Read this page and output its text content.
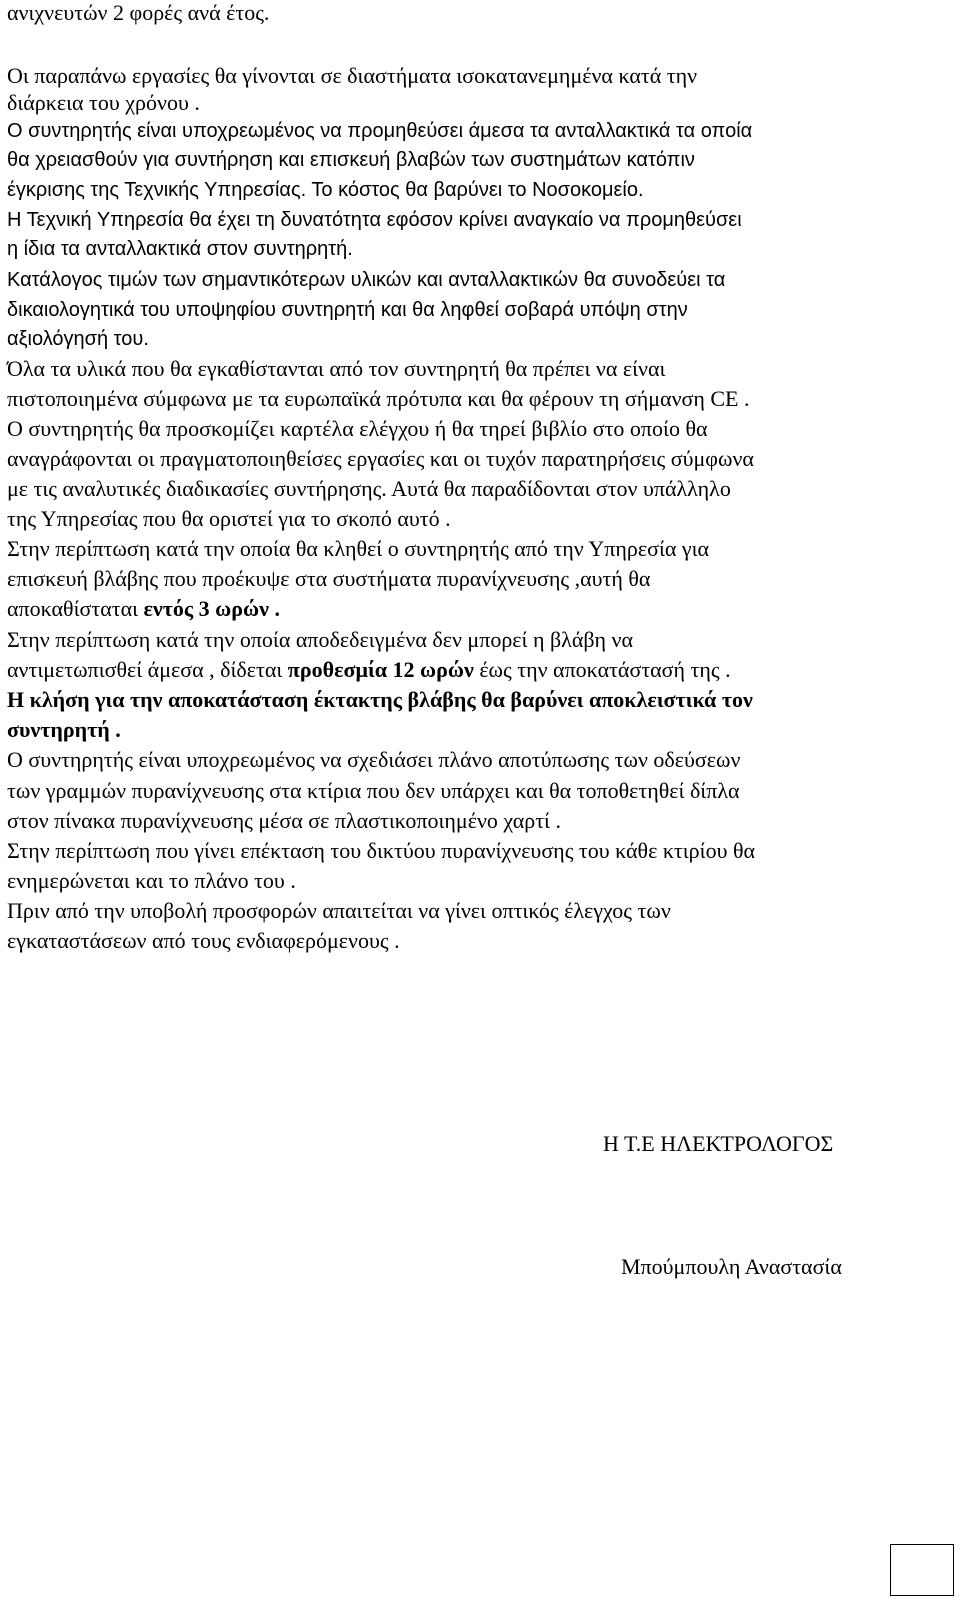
ανιχνευτών 2 φορές ανά έτος.
Οι παραπάνω εργασίες θα γίνονται σε διαστήματα ισοκατανεμημένα κατά την
διάρκεια του χρόνου .
Ο συντηρητής είναι υποχρεωμένος να προμηθεύσει άμεσα τα ανταλλακτικά τα οποία
θα χρειασθούν για συντήρηση και επισκευή βλαβών των συστημάτων κατόπιν
έγκρισης της Τεχνικής Υπηρεσίας. Το κόστος θα βαρύνει το Νοσοκομείο.
Η Τεχνική Υπηρεσία θα έχει τη δυνατότητα εφόσον κρίνει αναγκαίο να προμηθεύσει
η ίδια τα ανταλλακτικά στον συντηρητή.
Κατάλογος τιμών των σημαντικότερων υλικών και ανταλλακτικών θα συνοδεύει τα
δικαιολογητικά του υποψηφίου συντηρητή και θα ληφθεί σοβαρά υπόψη στην
αξιολόγησή του.
Όλα τα υλικά που θα εγκαθίστανται από τον συντηρητή θα πρέπει να είναι
πιστοποιημένα σύμφωνα με τα ευρωπαϊκά πρότυπα και θα φέρουν τη σήμανση CE .
Ο συντηρητής θα προσκομίζει καρτέλα ελέγχου ή θα τηρεί βιβλίο στο οποίο θα
αναγράφονται οι πραγματοποιηθείσες εργασίες και οι τυχόν παρατηρήσεις σύμφωνα
με τις αναλυτικές διαδικασίες συντήρησης. Αυτά θα παραδίδονται στον υπάλληλο
της Υπηρεσίας που θα οριστεί για το σκοπό αυτό .
Στην περίπτωση κατά την οποία θα κληθεί ο συντηρητής από την Υπηρεσία για
επισκευή βλάβης που προέκυψε στα συστήματα πυρανίχνευσης ,αυτή θα
αποκαθίσταται εντός 3 ωρών .
Στην περίπτωση κατά την οποία αποδεδειγμένα δεν μπορεί η βλάβη να
αντιμετωπισθεί άμεσα , δίδεται προθεσμία 12 ωρών έως την αποκατάστασή της .
Η κλήση για την αποκατάσταση έκτακτης βλάβης θα βαρύνει αποκλειστικά τον
συντηρητή .
Ο συντηρητής είναι υποχρεωμένος να σχεδιάσει πλάνο αποτύπωσης των οδεύσεων
των γραμμών πυρανίχνευσης στα κτίρια που δεν υπάρχει και θα τοποθετηθεί δίπλα
στον πίνακα πυρανίχνευσης μέσα σε πλαστικοποιημένο χαρτί .
Στην περίπτωση που γίνει επέκταση του δικτύου πυρανίχνευσης του κάθε κτιρίου θα
ενημερώνεται και το πλάνο του .
Πριν από την υποβολή προσφορών απαιτείται να γίνει οπτικός έλεγχος των
εγκαταστάσεων από τους ενδιαφερόμενους .
Η Τ.Ε ΗΛΕΚΤΡΟΛΟΓΟΣ
Μπούμπουλη Αναστασία
